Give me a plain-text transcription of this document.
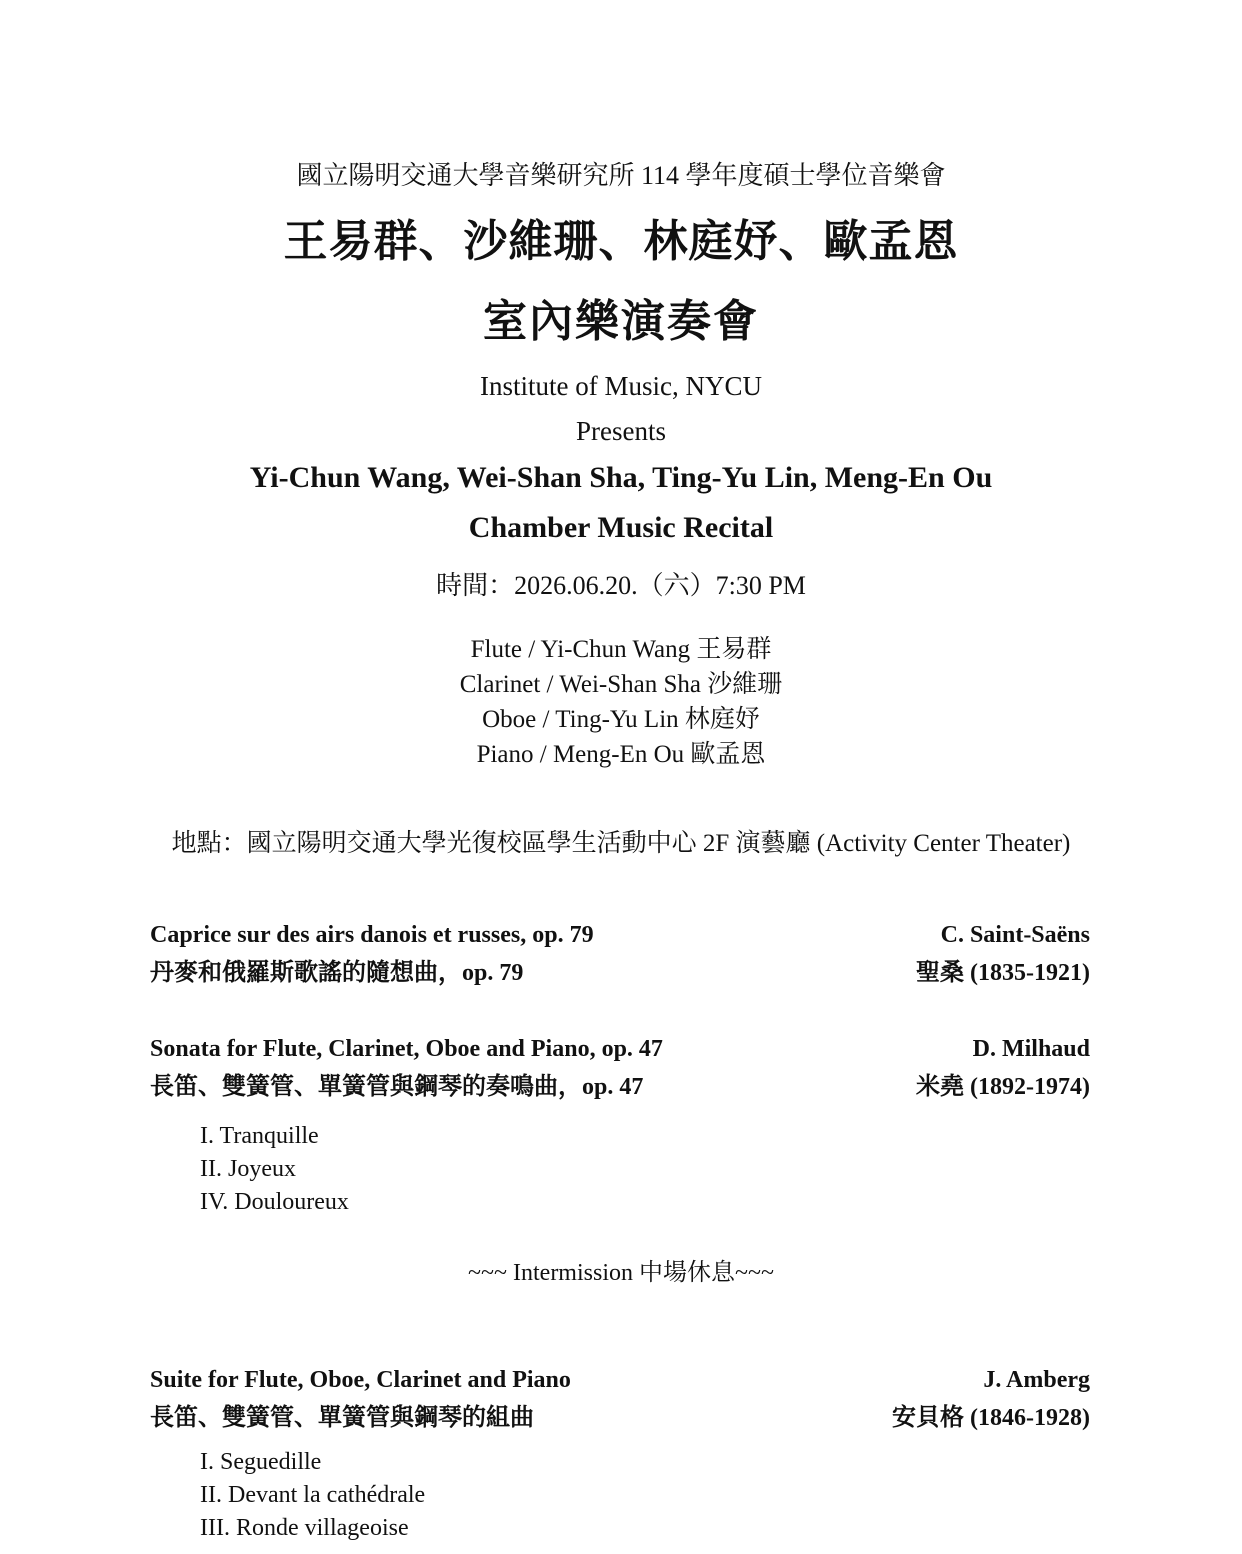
國立陽明交通大學音樂研究所 114 學年度碩士學位音樂會
王易群、沙維珊、林庭妤、歐孟恩
室內樂演奏會
Institute of Music, NYCU
Presents
Yi-Chun Wang, Wei-Shan Sha, Ting-Yu Lin, Meng-En Ou
Chamber Music Recital
時間：2026.06.20.（六）7:30 PM
Flute / Yi-Chun Wang 王易群
Clarinet / Wei-Shan Sha 沙維珊
Oboe / Ting-Yu Lin 林庭妤
Piano / Meng-En Ou 歐孟恩
地點：國立陽明交通大學光復校區學生活動中心 2F 演藝廳 (Activity Center Theater)
Caprice sur des airs danois et russes, op. 79	C. Saint-Saëns
丹麥和俄羅斯歌謠的隨想曲，op. 79	聖桑 (1835-1921)
Sonata for Flute, Clarinet, Oboe and Piano, op. 47	D. Milhaud
長笛、雙簧管、單簧管與鋼琴的奏鳴曲，op. 47	米堯 (1892-1974)
I. Tranquille
II. Joyeux
IV. Douloureux
~~~ Intermission 中場休息~~~
Suite for Flute, Oboe, Clarinet and Piano	J. Amberg
長笛、雙簧管、單簧管與鋼琴的組曲	安貝格 (1846-1928)
I. Seguedille
II. Devant la cathédrale
III. Ronde villageoise
